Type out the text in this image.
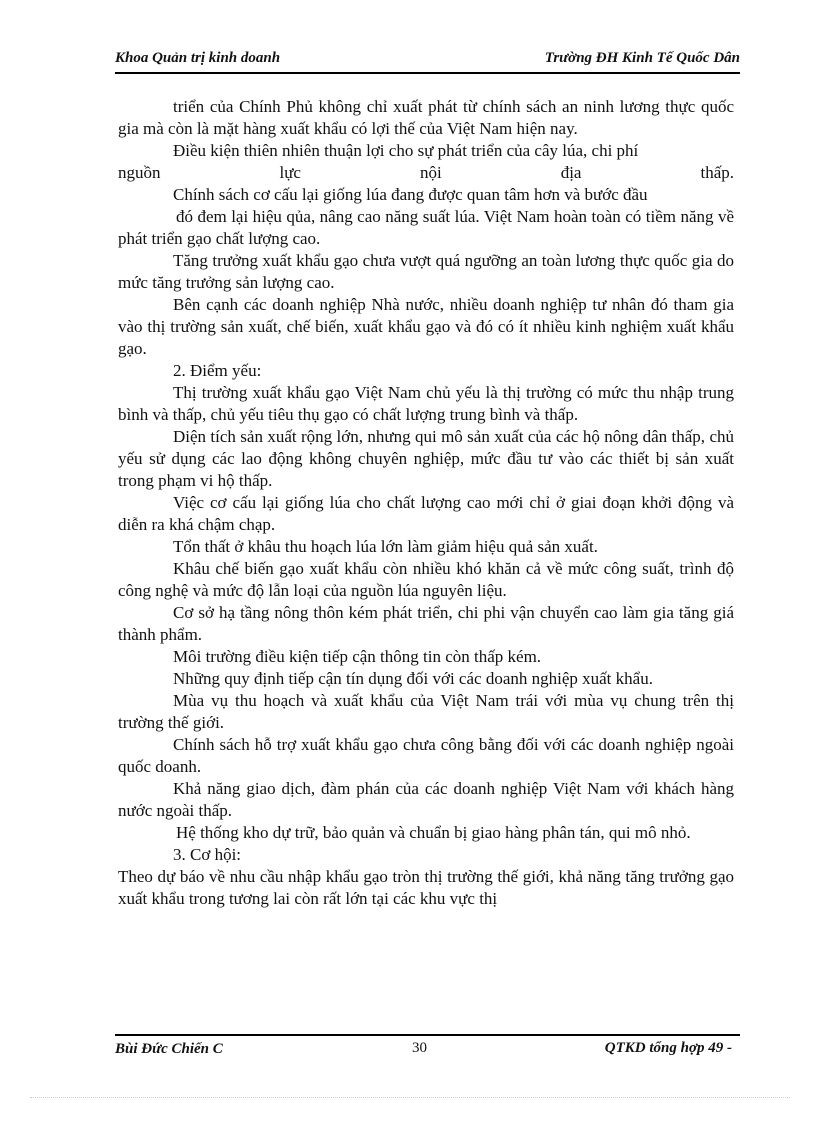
Khoa Quản trị kinh doanh	Trường ĐH Kinh Tế Quốc Dân

triển của Chính Phủ không chỉ xuất phát từ chính sách an ninh lương thực quốc gia mà còn là mặt hàng xuất khẩu có lợi thế của Việt Nam hiện nay.

Điều kiện thiên nhiên thuận lợi cho sự phát triển của cây lúa, chi phí

nguồn lực nội địa thấp.

Chính sách cơ cấu lại giống lúa đang được quan tâm hơn và bước đầu

đó đem lại hiệu qủa, nâng cao năng suất lúa. Việt Nam hoàn toàn có tiềm năng về phát triển gạo chất lượng cao.

Tăng trưởng xuất khẩu gạo chưa vượt quá ngưỡng an toàn lương thực quốc gia do mức tăng trưởng sản lượng cao.

Bên cạnh các doanh nghiệp Nhà nước, nhiều doanh nghiệp tư nhân đó tham gia vào thị trường sản xuất, chế biến, xuất khẩu gạo và đó có ít nhiều kinh nghiệm xuất khẩu gạo.

2. Điểm yếu:

Thị trường xuất khẩu gạo Việt Nam chủ yếu là thị trường có mức thu nhập trung bình và thấp, chủ yếu tiêu thụ gạo có chất lượng trung bình và thấp.

Diện tích sản xuất rộng lớn, nhưng qui mô sản xuất của các hộ nông dân thấp, chủ yếu sử dụng các lao động không chuyên nghiệp, mức đầu tư vào các thiết bị sản xuất trong phạm vi hộ thấp.

Việc cơ cấu lại giống lúa cho chất lượng cao mới chỉ ở giai đoạn khởi động và diễn ra khá chậm chạp.

Tổn thất ở khâu thu hoạch lúa lớn làm giảm hiệu quả sản xuất.

Khâu chế biến gạo xuất khẩu còn nhiều khó khăn cả về mức công suất, trình độ công nghệ và mức độ lẫn loại của nguồn lúa nguyên liệu.

Cơ sở hạ tầng nông thôn kém phát triển, chi phi vận chuyển cao làm gia tăng giá thành phẩm.

Môi trường điều kiện tiếp cận thông tin còn thấp kém.

Những quy định tiếp cận tín dụng đối với các doanh nghiệp xuất khẩu.

Mùa vụ thu hoạch và xuất khẩu của Việt Nam trái với mùa vụ chung trên thị trường thế giới.

Chính sách hỗ trợ xuất khẩu gạo chưa công bằng đối với các doanh nghiệp ngoài quốc doanh.

Khả năng giao dịch, đàm phán của các doanh nghiệp Việt Nam với khách hàng nước ngoài thấp.

Hệ thống kho dự trữ, bảo quản và chuẩn bị giao hàng phân tán, qui mô nhỏ.

3. Cơ hội:

Theo dự báo về nhu cầu nhập khẩu gạo tròn thị trường thế giới, khả năng tăng trưởng gạo xuất khẩu trong tương lai còn rất lớn tại các khu vực thị

Bùi Đức Chiến C	30	QTKD tổng hợp 49 -
